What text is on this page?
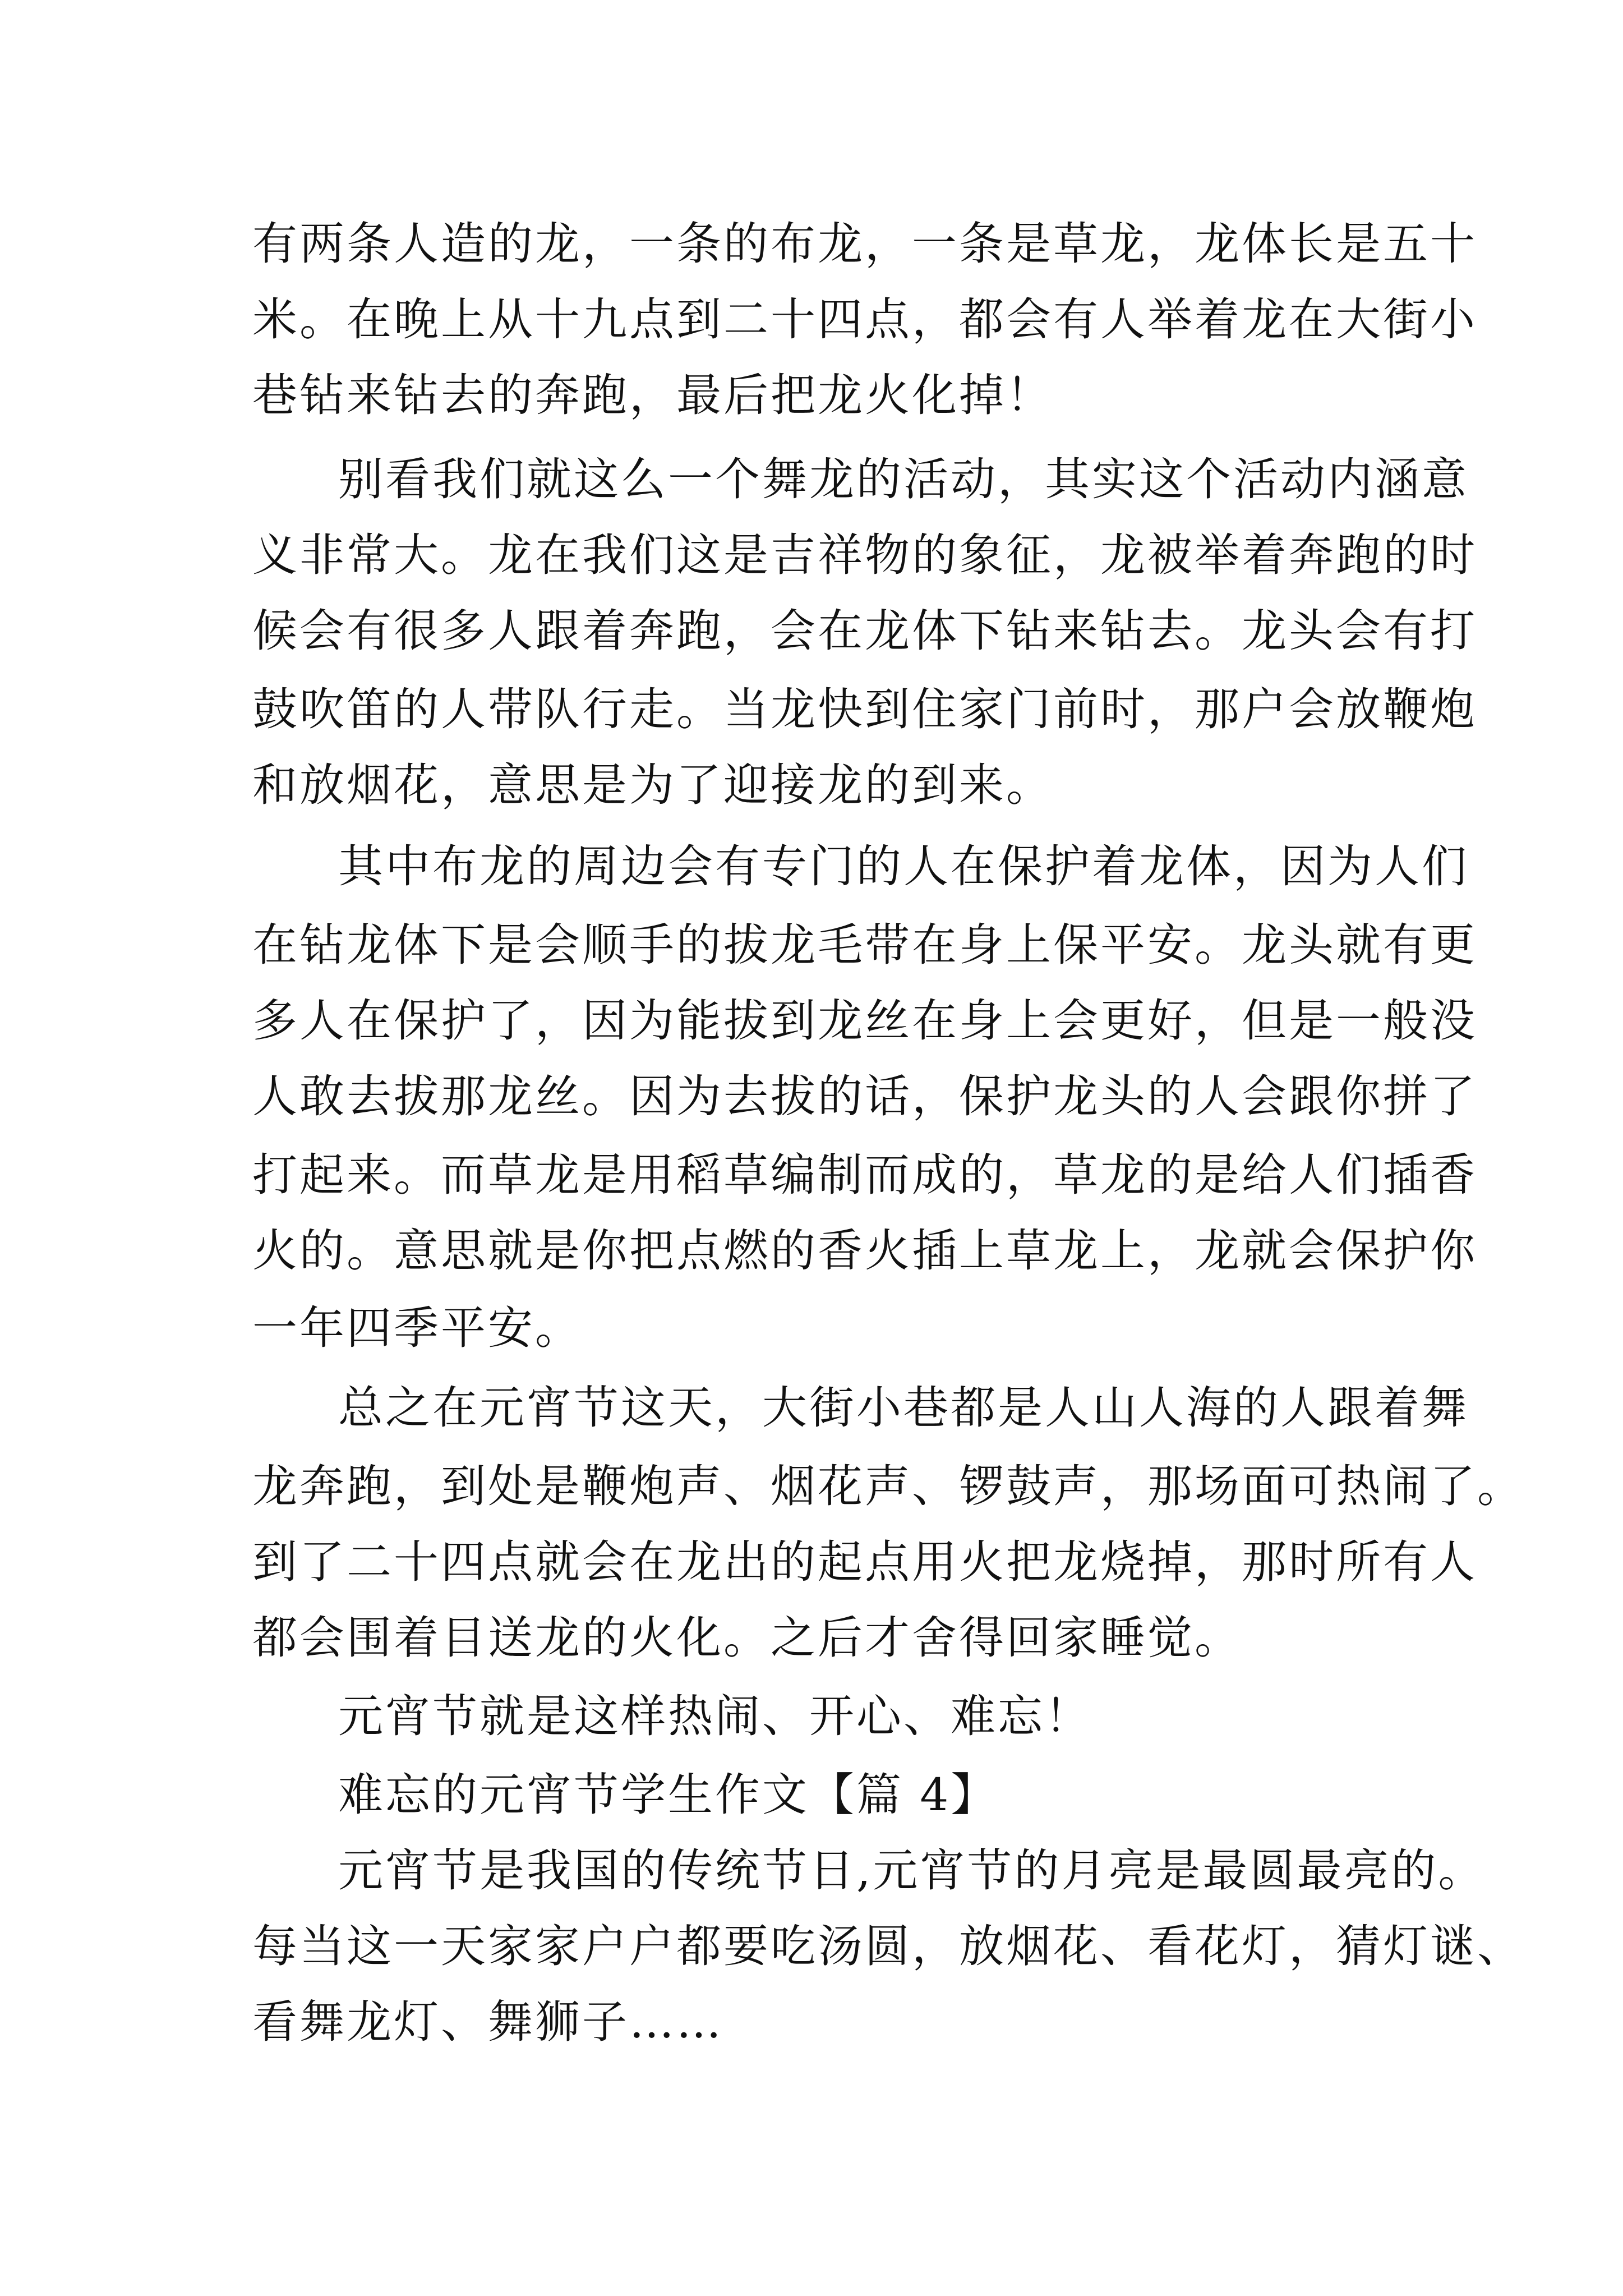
有两条人造的龙，一条的布龙，一条是草龙，龙体长是五十

米。在晚上从十九点到二十四点，都会有人举着龙在大街小

巷钻来钻去的奔跑，最后把龙火化掉！

别看我们就这么一个舞龙的活动，其实这个活动内涵意

义非常大。龙在我们这是吉祥物的象征，龙被举着奔跑的时

候会有很多人跟着奔跑，会在龙体下钻来钻去。龙头会有打

鼓吹笛的人带队行走。当龙快到住家门前时，那户会放鞭炮

和放烟花，意思是为了迎接龙的到来。

其中布龙的周边会有专门的人在保护着龙体，因为人们

在钻龙体下是会顺手的拔龙毛带在身上保平安。龙头就有更

多人在保护了，因为能拔到龙丝在身上会更好，但是一般没

人敢去拔那龙丝。因为去拔的话，保护龙头的人会跟你拼了

打起来。而草龙是用稻草编制而成的，草龙的是给人们插香

火的。意思就是你把点燃的香火插上草龙上，龙就会保护你

一年四季平安。

总之在元宵节这天，大街小巷都是人山人海的人跟着舞

龙奔跑，到处是鞭炮声、烟花声、锣鼓声，那场面可热闹了。

到了二十四点就会在龙出的起点用火把龙烧掉，那时所有人

都会围着目送龙的火化。之后才舍得回家睡觉。

元宵节就是这样热闹、开心、难忘！

难忘的元宵节学生作文【篇 4】

元宵节是我国的传统节日,元宵节的月亮是最圆最亮的。

每当这一天家家户户都要吃汤圆，放烟花、看花灯，猜灯谜、

看舞龙灯、舞狮子……
